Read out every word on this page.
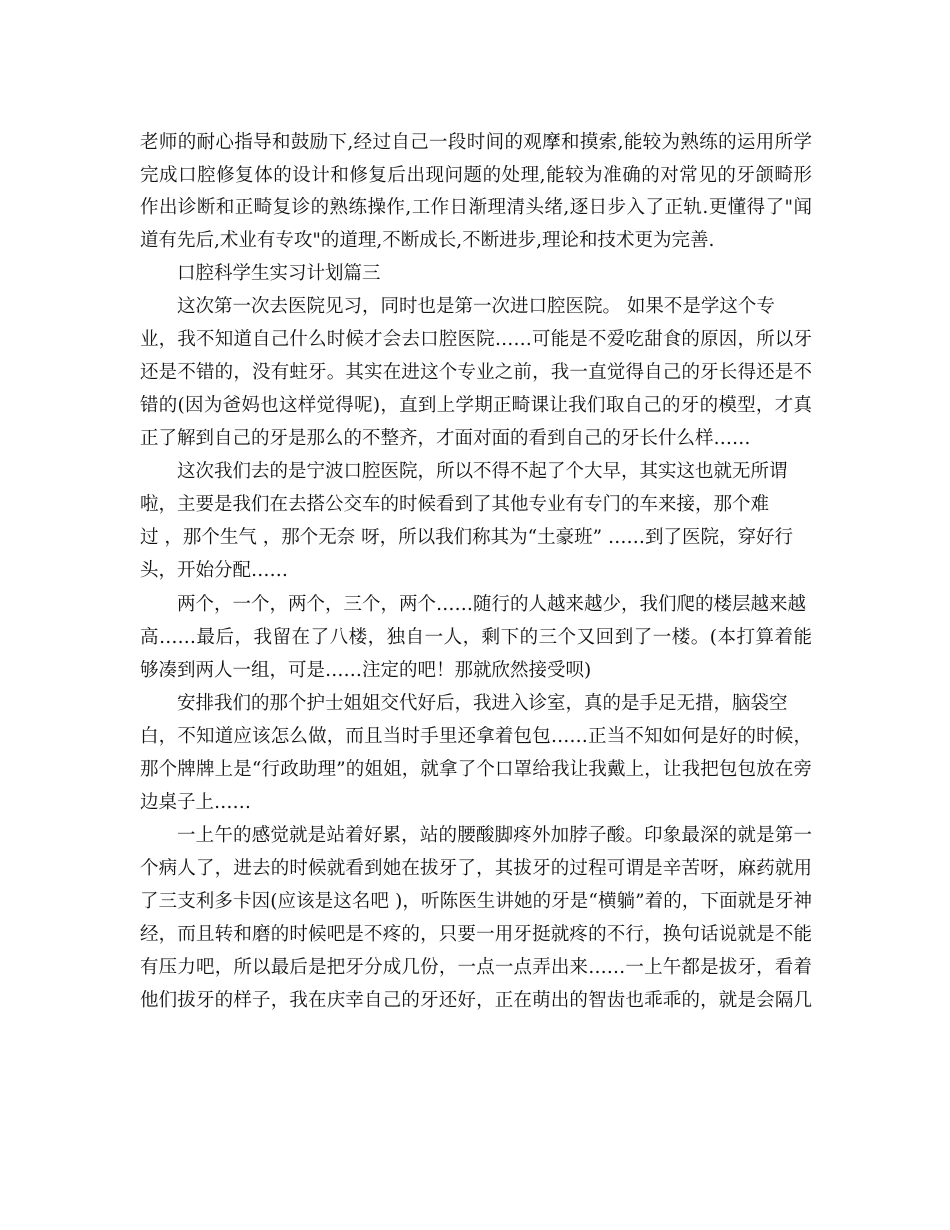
老师的耐心指导和鼓励下,经过自己一段时间的观摩和摸索,能较为熟练的运用所学
完成口腔修复体的设计和修复后出现问题的处理,能较为准确的对常见的牙颌畸形
作出诊断和正畸复诊的熟练操作,工作日渐理清头绪,逐日步入了正轨.更懂得了"闻
道有先后,术业有专攻"的道理,不断成长,不断进步,理论和技术更为完善.
口腔科学生实习计划篇三
这次第一次去医院见习，同时也是第一次进口腔医院。 如果不是学这个专
业，我不知道自己什么时候才会去口腔医院……可能是不爱吃甜食的原因，所以牙
还是不错的，没有蛀牙。其实在进这个专业之前，我一直觉得自己的牙长得还是不
错的(因为爸妈也这样觉得呢)，直到上学期正畸课让我们取自己的牙的模型，才真
正了解到自己的牙是那么的不整齐，才面对面的看到自己的牙长什么样……
这次我们去的是宁波口腔医院，所以不得不起了个大早，其实这也就无所谓
啦，主要是我们在去搭公交车的时候看到了其他专业有专门的车来接，那个难
过 ，那个生气 ，那个无奈 呀，所以我们称其为“土豪班” ……到了医院，穿好行
头，开始分配……
两个，一个，两个，三个，两个……随行的人越来越少，我们爬的楼层越来越
高……最后，我留在了八楼，独自一人，剩下的三个又回到了一楼。(本打算着能
够凑到两人一组，可是……注定的吧！那就欣然接受呗)
安排我们的那个护士姐姐交代好后，我进入诊室，真的是手足无措，脑袋空
白，不知道应该怎么做，而且当时手里还拿着包包……正当不知如何是好的时候，
那个牌牌上是“行政助理”的姐姐，就拿了个口罩给我让我戴上，让我把包包放在旁
边桌子上……
一上午的感觉就是站着好累，站的腰酸脚疼外加脖子酸。印象最深的就是第一
个病人了，进去的时候就看到她在拔牙了，其拔牙的过程可谓是辛苦呀，麻药就用
了三支利多卡因(应该是这名吧 )，听陈医生讲她的牙是“横躺”着的，下面就是牙神
经，而且转和磨的时候吧是不疼的，只要一用牙挺就疼的不行，换句话说就是不能
有压力吧，所以最后是把牙分成几份，一点一点弄出来……一上午都是拔牙，看着
他们拔牙的样子，我在庆幸自己的牙还好，正在萌出的智齿也乖乖的，就是会隔几
